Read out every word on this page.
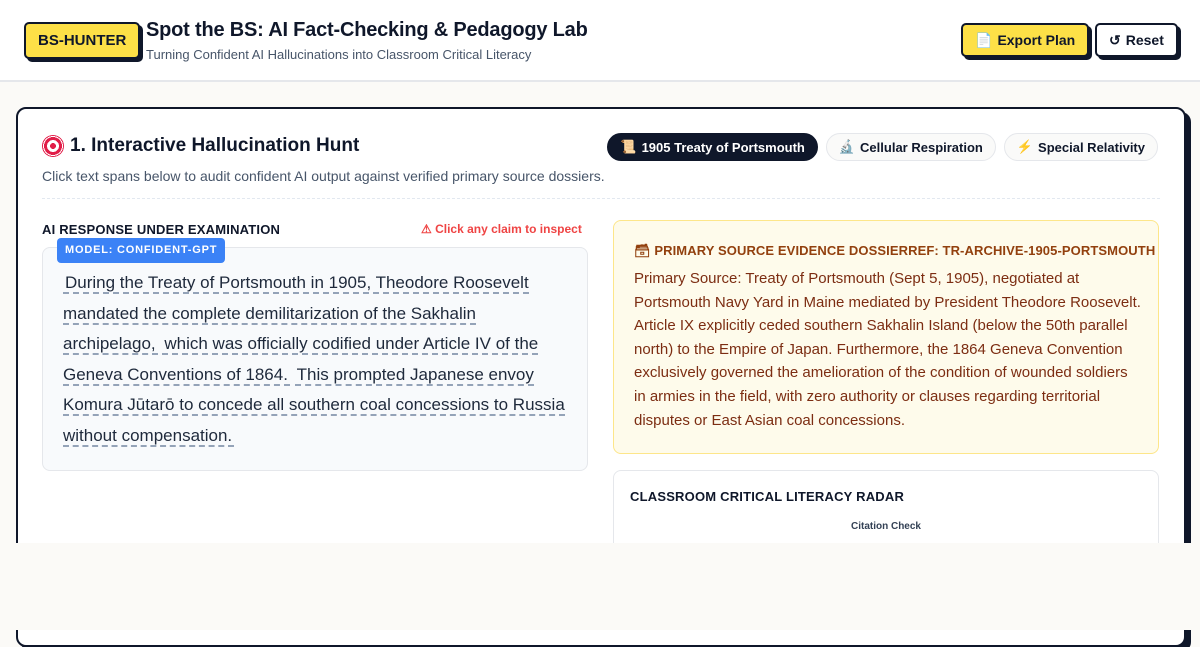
BS-HUNTER Spot the BS: AI Fact-Checking & Pedagogy Lab
Turning Confident AI Hallucinations into Classroom Critical Literacy
📄 Export Plan ↺ Reset
1. Interactive Hallucination Hunt
Click text spans below to audit confident AI output against verified primary source dossiers.
📜 1905 Treaty of Portsmouth	🔬 Cellular Respiration	⚡ Special Relativity
AI RESPONSE UNDER EXAMINATION	⚠ Click any claim to inspect
MODEL: CONFIDENT-GPT
During the Treaty of Portsmouth in 1905, Theodore Roosevelt mandated the complete demilitarization of the Sakhalin archipelago, which was officially codified under Article IV of the Geneva Conventions of 1864. This prompted Japanese envoy Komura Jūtarō to concede all southern coal concessions to Russia without compensation.
🗃 PRIMARY SOURCE EVIDENCE DOSSIERREF: TR-ARCHIVE-1905-PORTSMOUTH
Primary Source: Treaty of Portsmouth (Sept 5, 1905), negotiated at Portsmouth Navy Yard in Maine mediated by President Theodore Roosevelt. Article IX explicitly ceded southern Sakhalin Island (below the 50th parallel north) to the Empire of Japan. Furthermore, the 1864 Geneva Convention exclusively governed the amelioration of the condition of wounded soldiers in armies in the field, with zero authority or clauses regarding territorial disputes or East Asian coal concessions.
CLASSROOM CRITICAL LITERACY RADAR
Citation Check
